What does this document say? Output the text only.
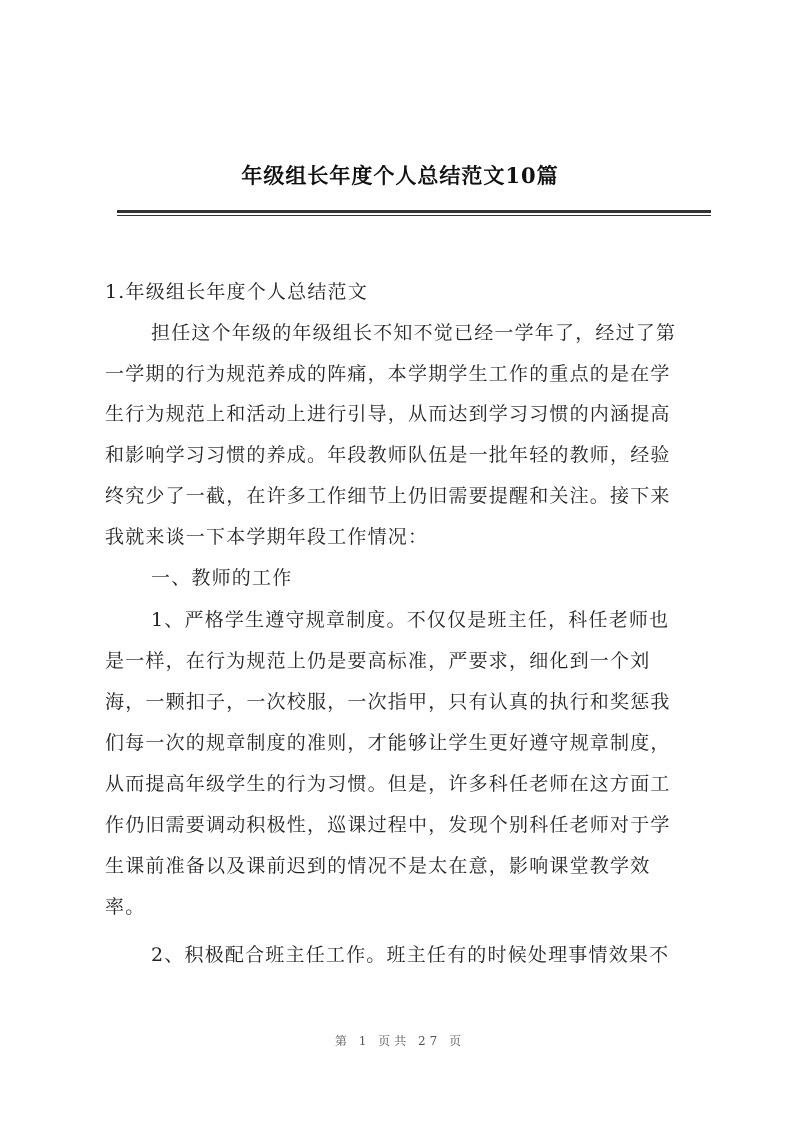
年级组长年度个人总结范文10篇
1.年级组长年度个人总结范文
担任这个年级的年级组长不知不觉已经一学年了，经过了第
一学期的行为规范养成的阵痛，本学期学生工作的重点的是在学
生行为规范上和活动上进行引导，从而达到学习习惯的内涵提高
和影响学习习惯的养成。年段教师队伍是一批年轻的教师，经验
终究少了一截，在许多工作细节上仍旧需要提醒和关注。接下来
我就来谈一下本学期年段工作情况：
一、教师的工作
1、严格学生遵守规章制度。不仅仅是班主任，科任老师也
是一样，在行为规范上仍是要高标准，严要求，细化到一个刘
海，一颗扣子，一次校服，一次指甲，只有认真的执行和奖惩我
们每一次的规章制度的准则，才能够让学生更好遵守规章制度，
从而提高年级学生的行为习惯。但是，许多科任老师在这方面工
作仍旧需要调动积极性，巡课过程中，发现个别科任老师对于学
生课前准备以及课前迟到的情况不是太在意，影响课堂教学效
率。
2、积极配合班主任工作。班主任有的时候处理事情效果不
第 1 页共 27 页
